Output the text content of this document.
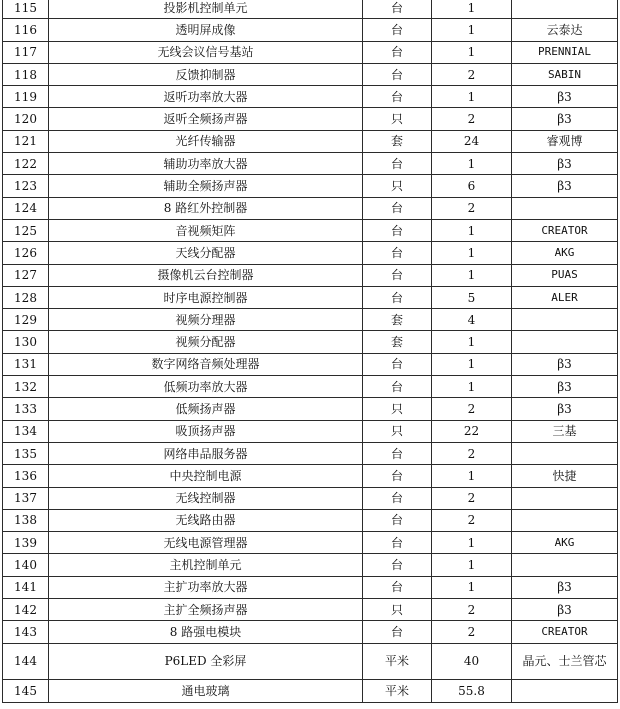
115	投影机控制单元	台	1	
116	透明屏成像	台	1	云泰达
117	无线会议信号基站	台	1	PRENNIAL
118	反馈抑制器	台	2	SABIN
119	返听功率放大器	台	1	β3
120	返听全频扬声器	只	2	β3
121	光纤传输器	套	24	睿观博
122	辅助功率放大器	台	1	β3
123	辅助全频扬声器	只	6	β3
124	8 路红外控制器	台	2	
125	音视频矩阵	台	1	CREATOR
126	天线分配器	台	1	AKG
127	摄像机云台控制器	台	1	PUAS
128	时序电源控制器	台	5	ALER
129	视频分理器	套	4	
130	视频分配器	套	1	
131	数字网络音频处理器	台	1	β3
132	低频功率放大器	台	1	β3
133	低频扬声器	只	2	β3
134	吸顶扬声器	只	22	三基
135	网络串品服务器	台	2	
136	中央控制电源	台	1	快捷
137	无线控制器	台	2	
138	无线路由器	台	2	
139	无线电源管理器	台	1	AKG
140	主机控制单元	台	1	
141	主扩功率放大器	台	1	β3
142	主扩全频扬声器	只	2	β3
143	8 路强电模块	台	2	CREATOR
144	P6LED 全彩屏	平米	40	晶元、士兰管芯
145	通电玻璃	平米	55.8	
